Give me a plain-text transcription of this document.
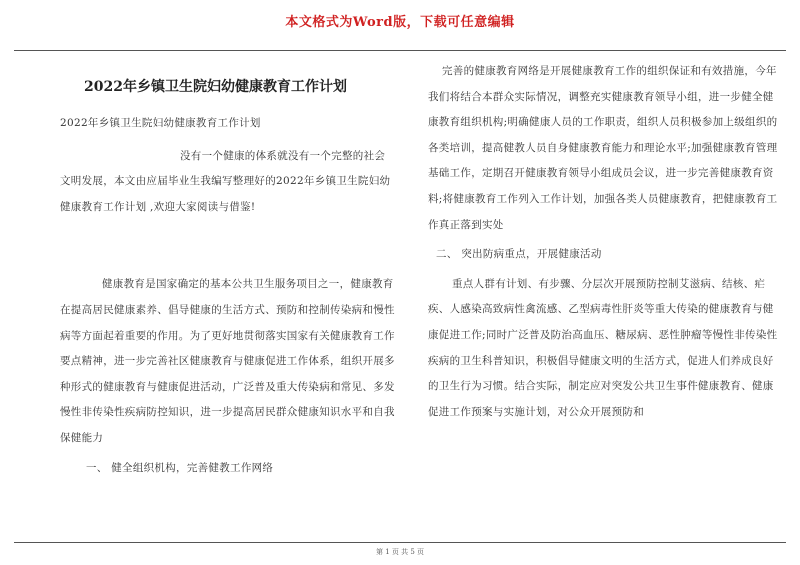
本文格式为Word版，下载可任意编辑
2022年乡镇卫生院妇幼健康教育工作计划

2022年乡镇卫生院妇幼健康教育工作计划

没有一个健康的体系就没有一个完整的社会文明发展，本文由应届毕业生我编写整理好的2022年乡镇卫生院妇幼健康教育工作计划 ,欢迎大家阅读与借鉴!

健康教育是国家确定的基本公共卫生服务项目之一，健康教育在提高居民健康素养、倡导健康的生活方式、预防和控制传染病和慢性病等方面起着重要的作用。为了更好地贯彻落实国家有关健康教育工作要点精神，进一步完善社区健康教育与健康促进工作体系，组织开展多种形式的健康教育与健康促进活动，广泛普及重大传染病和常见、多发慢性非传染性疾病防控知识，进一步提高居民群众健康知识水平和自我保健能力

一、 健全组织机构，完善健教工作网络

完善的健康教育网络是开展健康教育工作的组织保证和有效措施，今年我们将结合本群众实际情况，调整充实健康教育领导小组，进一步健全健康教育组织机构;明确健康人员的工作职责，组织人员积极参加上级组织的各类培训，提高健教人员自身健康教育能力和理论水平;加强健康教育管理基础工作，定期召开健康教育领导小组成员会议，进一步完善健康教育资料;将健康教育工作列入工作计划，加强各类人员健康教育，把健康教育工作真正落到实处

二、 突出防病重点，开展健康活动

重点人群有计划、有步骤、分层次开展预防控制艾滋病、结核、疟疾、人感染高致病性禽流感、乙型病毒性肝炎等重大传染的健康教育与健康促进工作;同时广泛普及防治高血压、糖尿病、恶性肿瘤等慢性非传染性疾病的卫生科普知识，积极倡导健康文明的生活方式，促进人们养成良好的卫生行为习惯。结合实际，制定应对突发公共卫生事件健康教育、健康促进工作预案与实施计划，对公众开展预防和

第 1 页 共 5 页
